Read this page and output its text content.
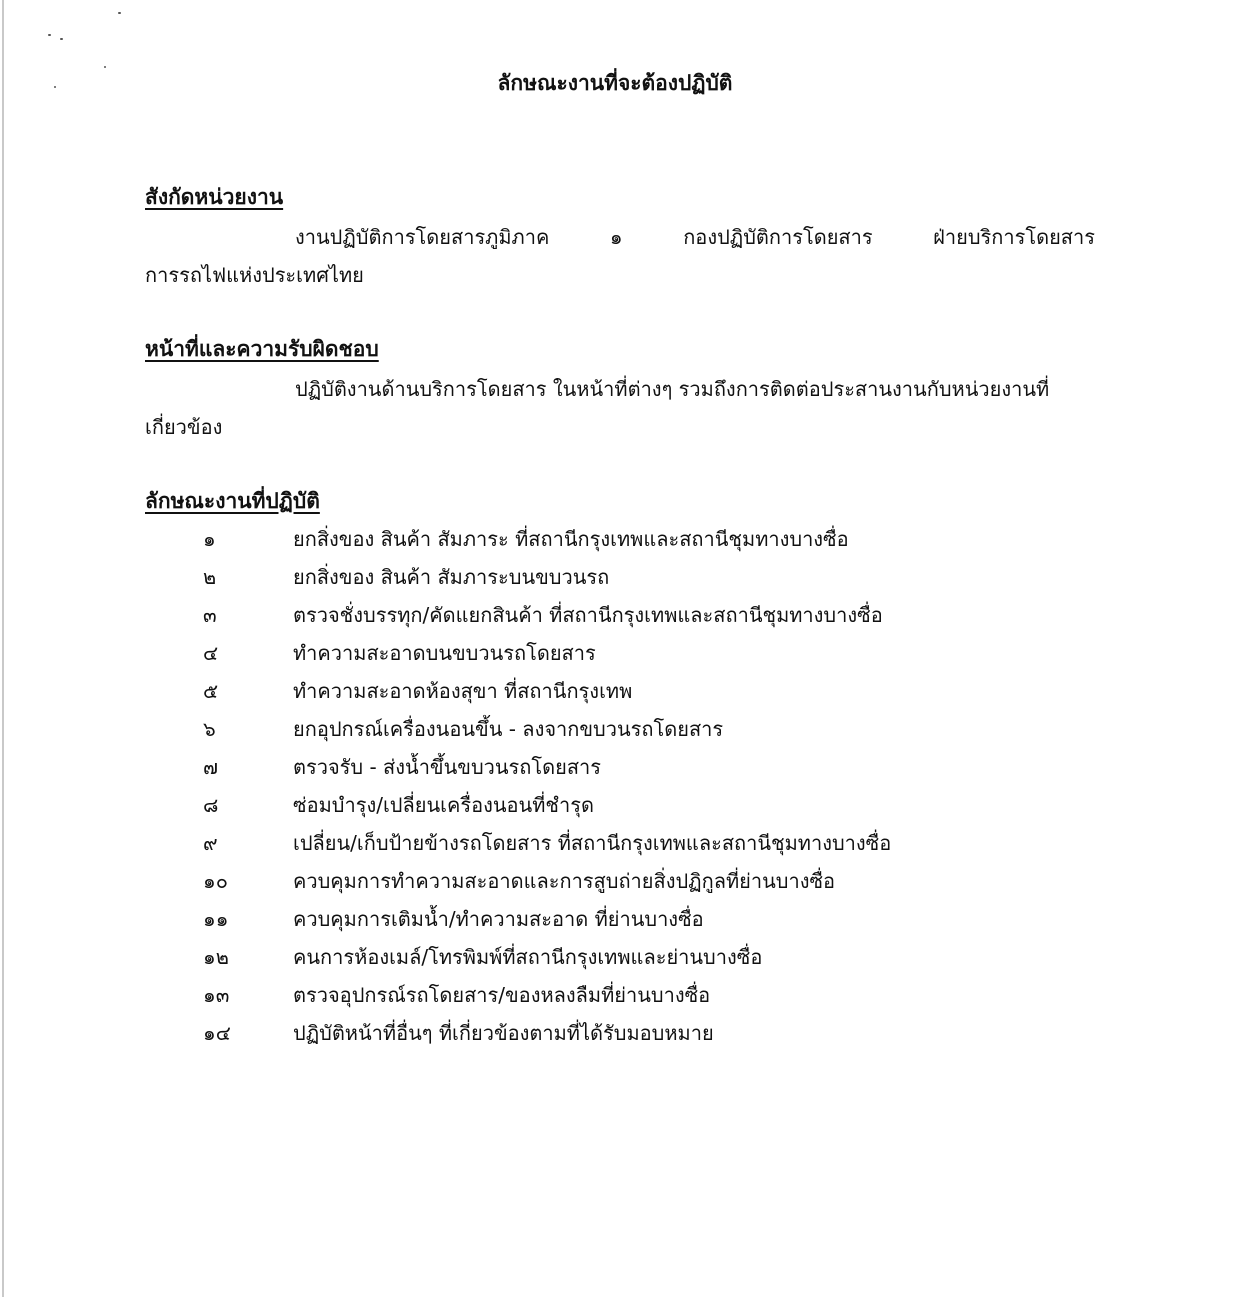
ลักษณะงานที่จะต้องปฏิบัติ

สังกัดหน่วยงาน

งานปฏิบัติการโดยสารภูมิภาค ๑ กองปฏิบัติการโดยสาร ฝ่ายบริการโดยสาร

การรถไฟแห่งประเทศไทย

หน้าที่และความรับผิดชอบ

ปฏิบัติงานด้านบริการโดยสาร ในหน้าที่ต่างๆ รวมถึงการติดต่อประสานงานกับหน่วยงานที่

เกี่ยวข้อง

ลักษณะงานที่ปฏิบัติ

๑	ยกสิ่งของ สินค้า สัมภาระ ที่สถานีกรุงเทพและสถานีชุมทางบางซื่อ
๒	ยกสิ่งของ สินค้า สัมภาระบนขบวนรถ
๓	ตรวจชั่งบรรทุก/คัดแยกสินค้า ที่สถานีกรุงเทพและสถานีชุมทางบางซื่อ
๔	ทำความสะอาดบนขบวนรถโดยสาร
๕	ทำความสะอาดห้องสุขา ที่สถานีกรุงเทพ
๖	ยกอุปกรณ์เครื่องนอนขึ้น - ลงจากขบวนรถโดยสาร
๗	ตรวจรับ - ส่งน้ำขึ้นขบวนรถโดยสาร
๘	ซ่อมบำรุง/เปลี่ยนเครื่องนอนที่ชำรุด
๙	เปลี่ยน/เก็บป้ายข้างรถโดยสาร ที่สถานีกรุงเทพและสถานีชุมทางบางซื่อ
๑๐	ควบคุมการทำความสะอาดและการสูบถ่ายสิ่งปฏิกูลที่ย่านบางซื่อ
๑๑	ควบคุมการเติมน้ำ/ทำความสะอาด ที่ย่านบางซื่อ
๑๒	คนการห้องเมล์/โทรพิมพ์ที่สถานีกรุงเทพและย่านบางซื่อ
๑๓	ตรวจอุปกรณ์รถโดยสาร/ของหลงลืมที่ย่านบางซื่อ
๑๔	ปฏิบัติหน้าที่อื่นๆ ที่เกี่ยวข้องตามที่ได้รับมอบหมาย
